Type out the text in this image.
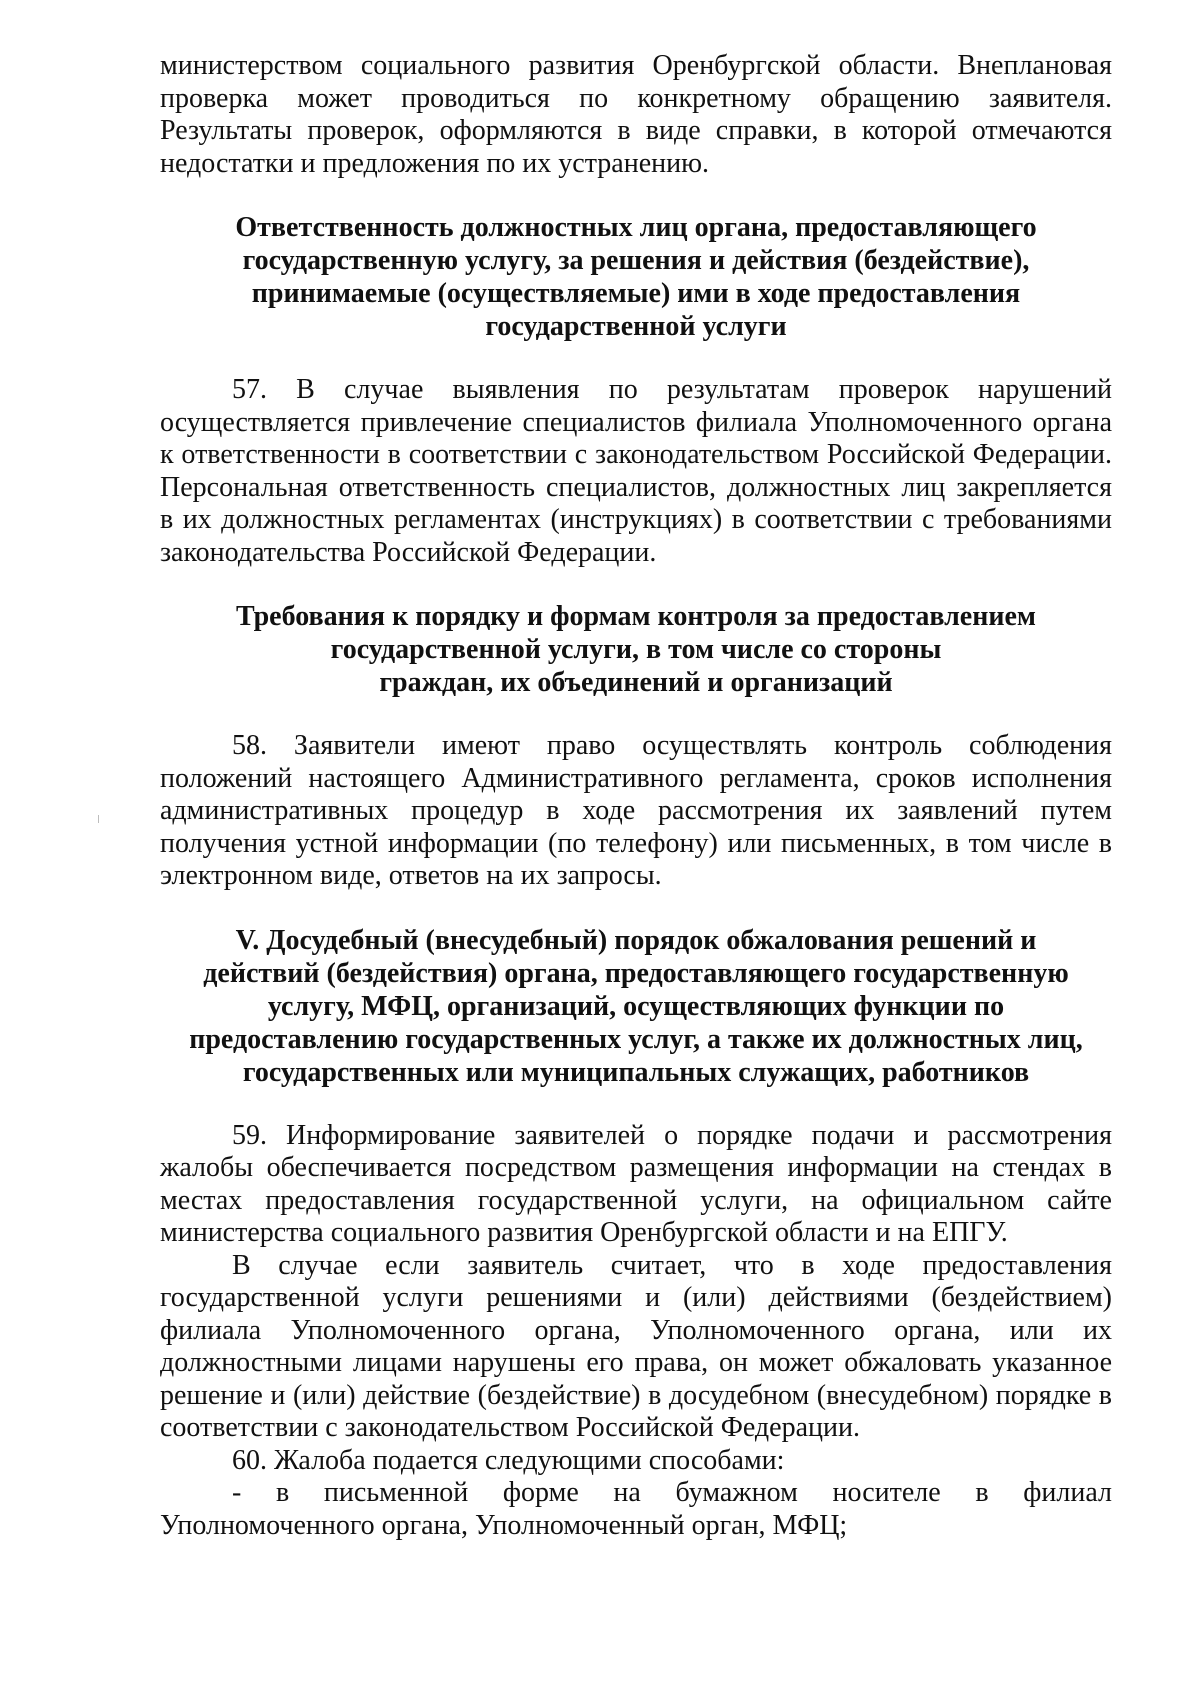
министерством социального развития Оренбургской области. Внеплановая проверка может проводиться по конкретному обращению заявителя. Результаты проверок, оформляются в виде справки, в которой отмечаются недостатки и предложения по их устранению.

Ответственность должностных лиц органа, предоставляющего
государственную услугу, за решения и действия (бездействие),
принимаемые (осуществляемые) ими в ходе предоставления
государственной услуги

57. В случае выявления по результатам проверок нарушений осуществляется привлечение специалистов филиала Уполномоченного органа к ответственности в соответствии с законодательством Российской Федерации. Персональная ответственность специалистов, должностных лиц закрепляется в их должностных регламентах (инструкциях) в соответствии с требованиями законодательства Российской Федерации.

Требования к порядку и формам контроля за предоставлением
государственной услуги, в том числе со стороны
граждан, их объединений и организаций

58. Заявители имеют право осуществлять контроль соблюдения положений настоящего Административного регламента, сроков исполнения административных процедур в ходе рассмотрения их заявлений путем получения устной информации (по телефону) или письменных, в том числе в электронном виде, ответов на их запросы.

V. Досудебный (внесудебный) порядок обжалования решений и
действий (бездействия) органа, предоставляющего государственную
услугу, МФЦ, организаций, осуществляющих функции по
предоставлению государственных услуг, а также их должностных лиц,
государственных или муниципальных служащих, работников

59. Информирование заявителей о порядке подачи и рассмотрения жалобы обеспечивается посредством размещения информации на стендах в местах предоставления государственной услуги, на официальном сайте министерства социального развития Оренбургской области и на ЕПГУ.

В случае если заявитель считает, что в ходе предоставления государственной услуги решениями и (или) действиями (бездействием) филиала Уполномоченного органа, Уполномоченного органа, или их должностными лицами нарушены его права, он может обжаловать указанное решение и (или) действие (бездействие) в досудебном (внесудебном) порядке в соответствии с законодательством Российской Федерации.

60. Жалоба подается следующими способами:

- в письменной форме на бумажном носителе в филиал Уполномоченного органа, Уполномоченный орган, МФЦ;
